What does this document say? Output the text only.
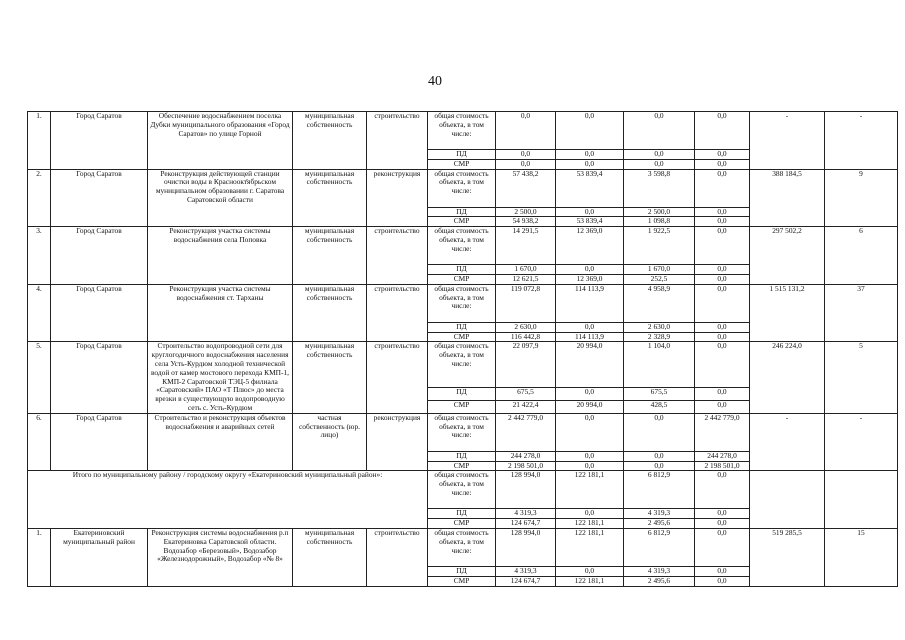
40
1.	Город Саратов	Обеспечение водоснабжением поселка Дубки муниципального образования «Город Саратов» по улице Горной	муниципальная собственность	строительство	общая стоимость объекта, в том числе:	0,0	0,0	0,0	0,0	-	-
					ПД	0,0	0,0	0,0	0,0		
					СМР	0,0	0,0	0,0	0,0		
2.	Город Саратов	Реконструкция действующей станции очистки воды в Красноокт̈ябрьском муниципальном образовании г. Саратова Саратовской области	муниципальная собственность	реконструкция	общая стоимость объекта, в том числе:	57 438,2	53 839,4	3 598,8	0,0	388 184,5	9
					ПД	2 500,0	0,0	2 500,0	0,0		
					СМР	54 938,2	53 839,4	1 098,8	0,0		
3.	Город Саратов	Реконструкция участка системы водоснабжения села Поповка	муниципальная собственность	строительство	общая стоимость объекта, в том числе:	14 291,5	12 369,0	1 922,5	0,0	297 502,2	6
					ПД	1 670,0	0,0	1 670,0	0,0		
					СМР	12 621,5	12 369,0	252,5	0,0		
4.	Город Саратов	Реконструкция участка системы водоснабжения ст. Тарханы	муниципальная собственность	строительство	общая стоимость объекта, в том числе:	119 072,8	114 113,9	4 958,9	0,0	1 515 131,2	37
					ПД	2 630,0	0,0	2 630,0	0,0		
					СМР	116 442,8	114 113,9	2 328,9	0,0		
5.	Город Саратов	Строительство водопроводной сети для круглогодичного водоснабжения населения села Усть-Курдюм холодной технической водой от камер мостового перехода КМП-1, КМП-2 Саратовской ТЭЦ-5 филиала «Саратовский» ПАО «Т Плюс» до места врезки в существующую водопроводную сеть с. Усть-Курдюм	муниципальная собственность	строительство	общая стоимость объекта, в том числе:	22 097,9	20 994,0	1 104,0	0,0	246 224,0	5
					ПД	675,5	0,0	675,5	0,0		
					СМР	21 422,4	20 994,0	428,5	0,0		
6.	Город Саратов	Строительство и реконструкция объектов водоснабжения и аварийных сетей	частная собственность (юр. лицо)	реконструкция	общая стоимость объекта, в том числе:	2 442 779,0	0,0	0,0	2 442 779,0	-	-
					ПД	244 278,0	0,0	0,0	244 278,0		
					СМР	2 198 501,0	0,0	0,0	2 198 501,0		
Итого по муниципальному району / городскому округу «Екатериновский муниципальный район»:					общая стоимость объекта, в том числе:	128 994,0	122 181,1	6 812,9	0,0		
					ПД	4 319,3	0,0	4 319,3	0,0		
					СМР	124 674,7	122 181,1	2 495,6	0,0		
1.	Екатериновский муниципальный район	Реконструкция системы водоснабжения р.п Екатериновка Саратовской области. Водозабор «Березовый», Водозабор «Железнодорожный», Водозабор «№ 8»	муниципальная собственность	строительство	общая стоимость объекта, в том числе:	128 994,0	122 181,1	6 812,9	0,0	519 285,5	15
					ПД	4 319,3	0,0	4 319,3	0,0		
					СМР	124 674,7	122 181,1	2 495,6	0,0		
